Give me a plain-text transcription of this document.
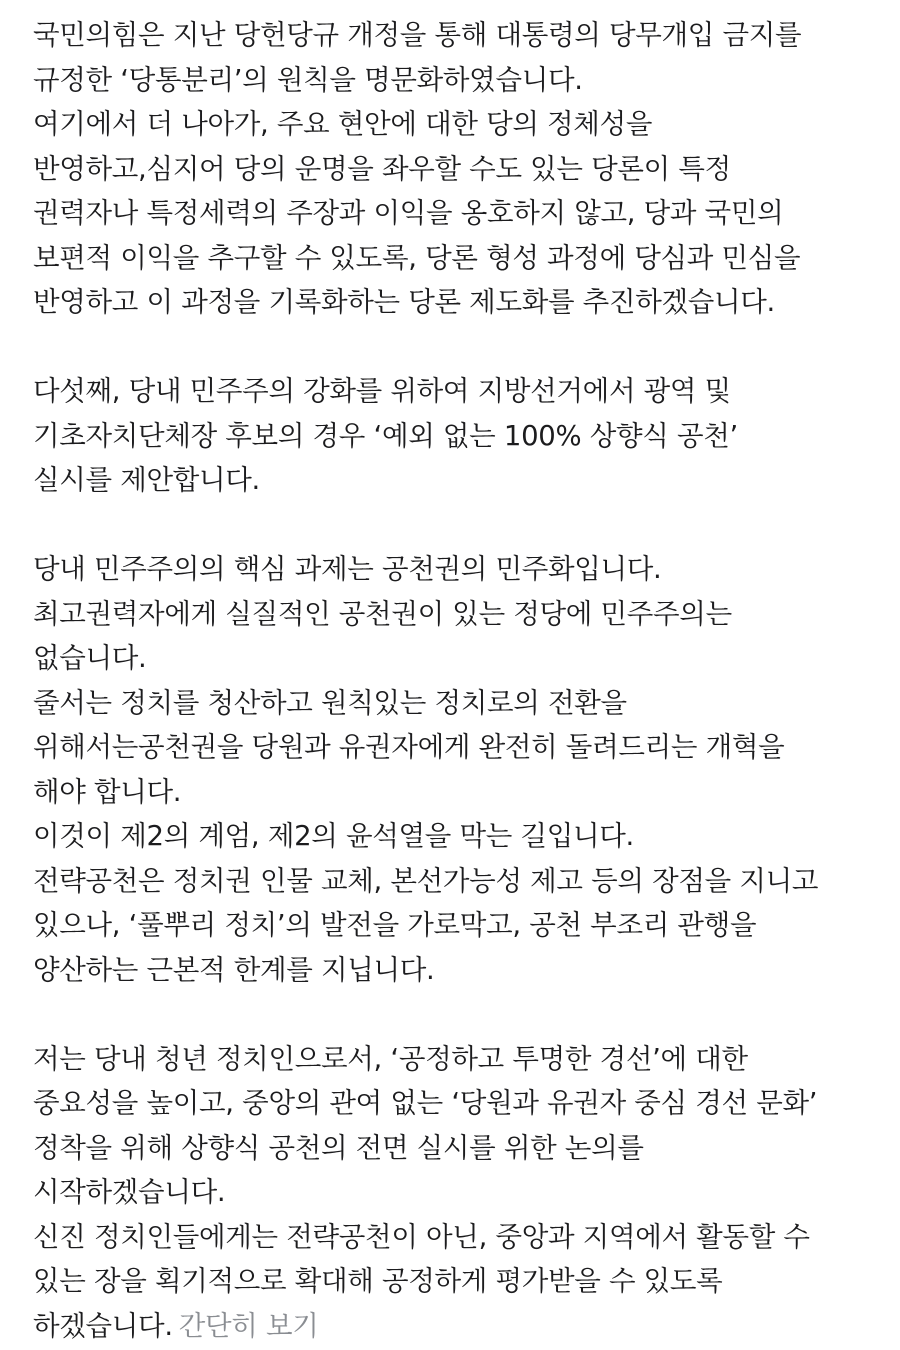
국민의힘은 지난 당헌당규 개정을 통해 대통령의 당무개입 금지를
규정한 ‘당통분리’의 원칙을 명문화하였습니다.
여기에서 더 나아가, 주요 현안에 대한 당의 정체성을
반영하고,심지어 당의 운명을 좌우할 수도 있는 당론이 특정
권력자나 특정세력의 주장과 이익을 옹호하지 않고, 당과 국민의
보편적 이익을 추구할 수 있도록, 당론 형성 과정에 당심과 민심을
반영하고 이 과정을 기록화하는 당론 제도화를 추진하겠습니다.
다섯째, 당내 민주주의 강화를 위하여 지방선거에서 광역 및
기초자치단체장 후보의 경우 ‘예외 없는 100% 상향식 공천’
실시를 제안합니다.
당내 민주주의의 핵심 과제는 공천권의 민주화입니다.
최고권력자에게 실질적인 공천권이 있는 정당에 민주주의는
없습니다.
줄서는 정치를 청산하고 원칙있는 정치로의 전환을
위해서는공천권을 당원과 유권자에게 완전히 돌려드리는 개혁을
해야 합니다.
이것이 제2의 계엄, 제2의 윤석열을 막는 길입니다.
전략공천은 정치권 인물 교체, 본선가능성 제고 등의 장점을 지니고
있으나, ‘풀뿌리 정치’의 발전을 가로막고, 공천 부조리 관행을
양산하는 근본적 한계를 지닙니다.
저는 당내 청년 정치인으로서, ‘공정하고 투명한 경선’에 대한
중요성을 높이고, 중앙의 관여 없는 ‘당원과 유권자 중심 경선 문화’
정착을 위해 상향식 공천의 전면 실시를 위한 논의를
시작하겠습니다.
신진 정치인들에게는 전략공천이 아닌, 중앙과 지역에서 활동할 수
있는 장을 획기적으로 확대해 공정하게 평가받을 수 있도록
하겠습니다. 간단히 보기
